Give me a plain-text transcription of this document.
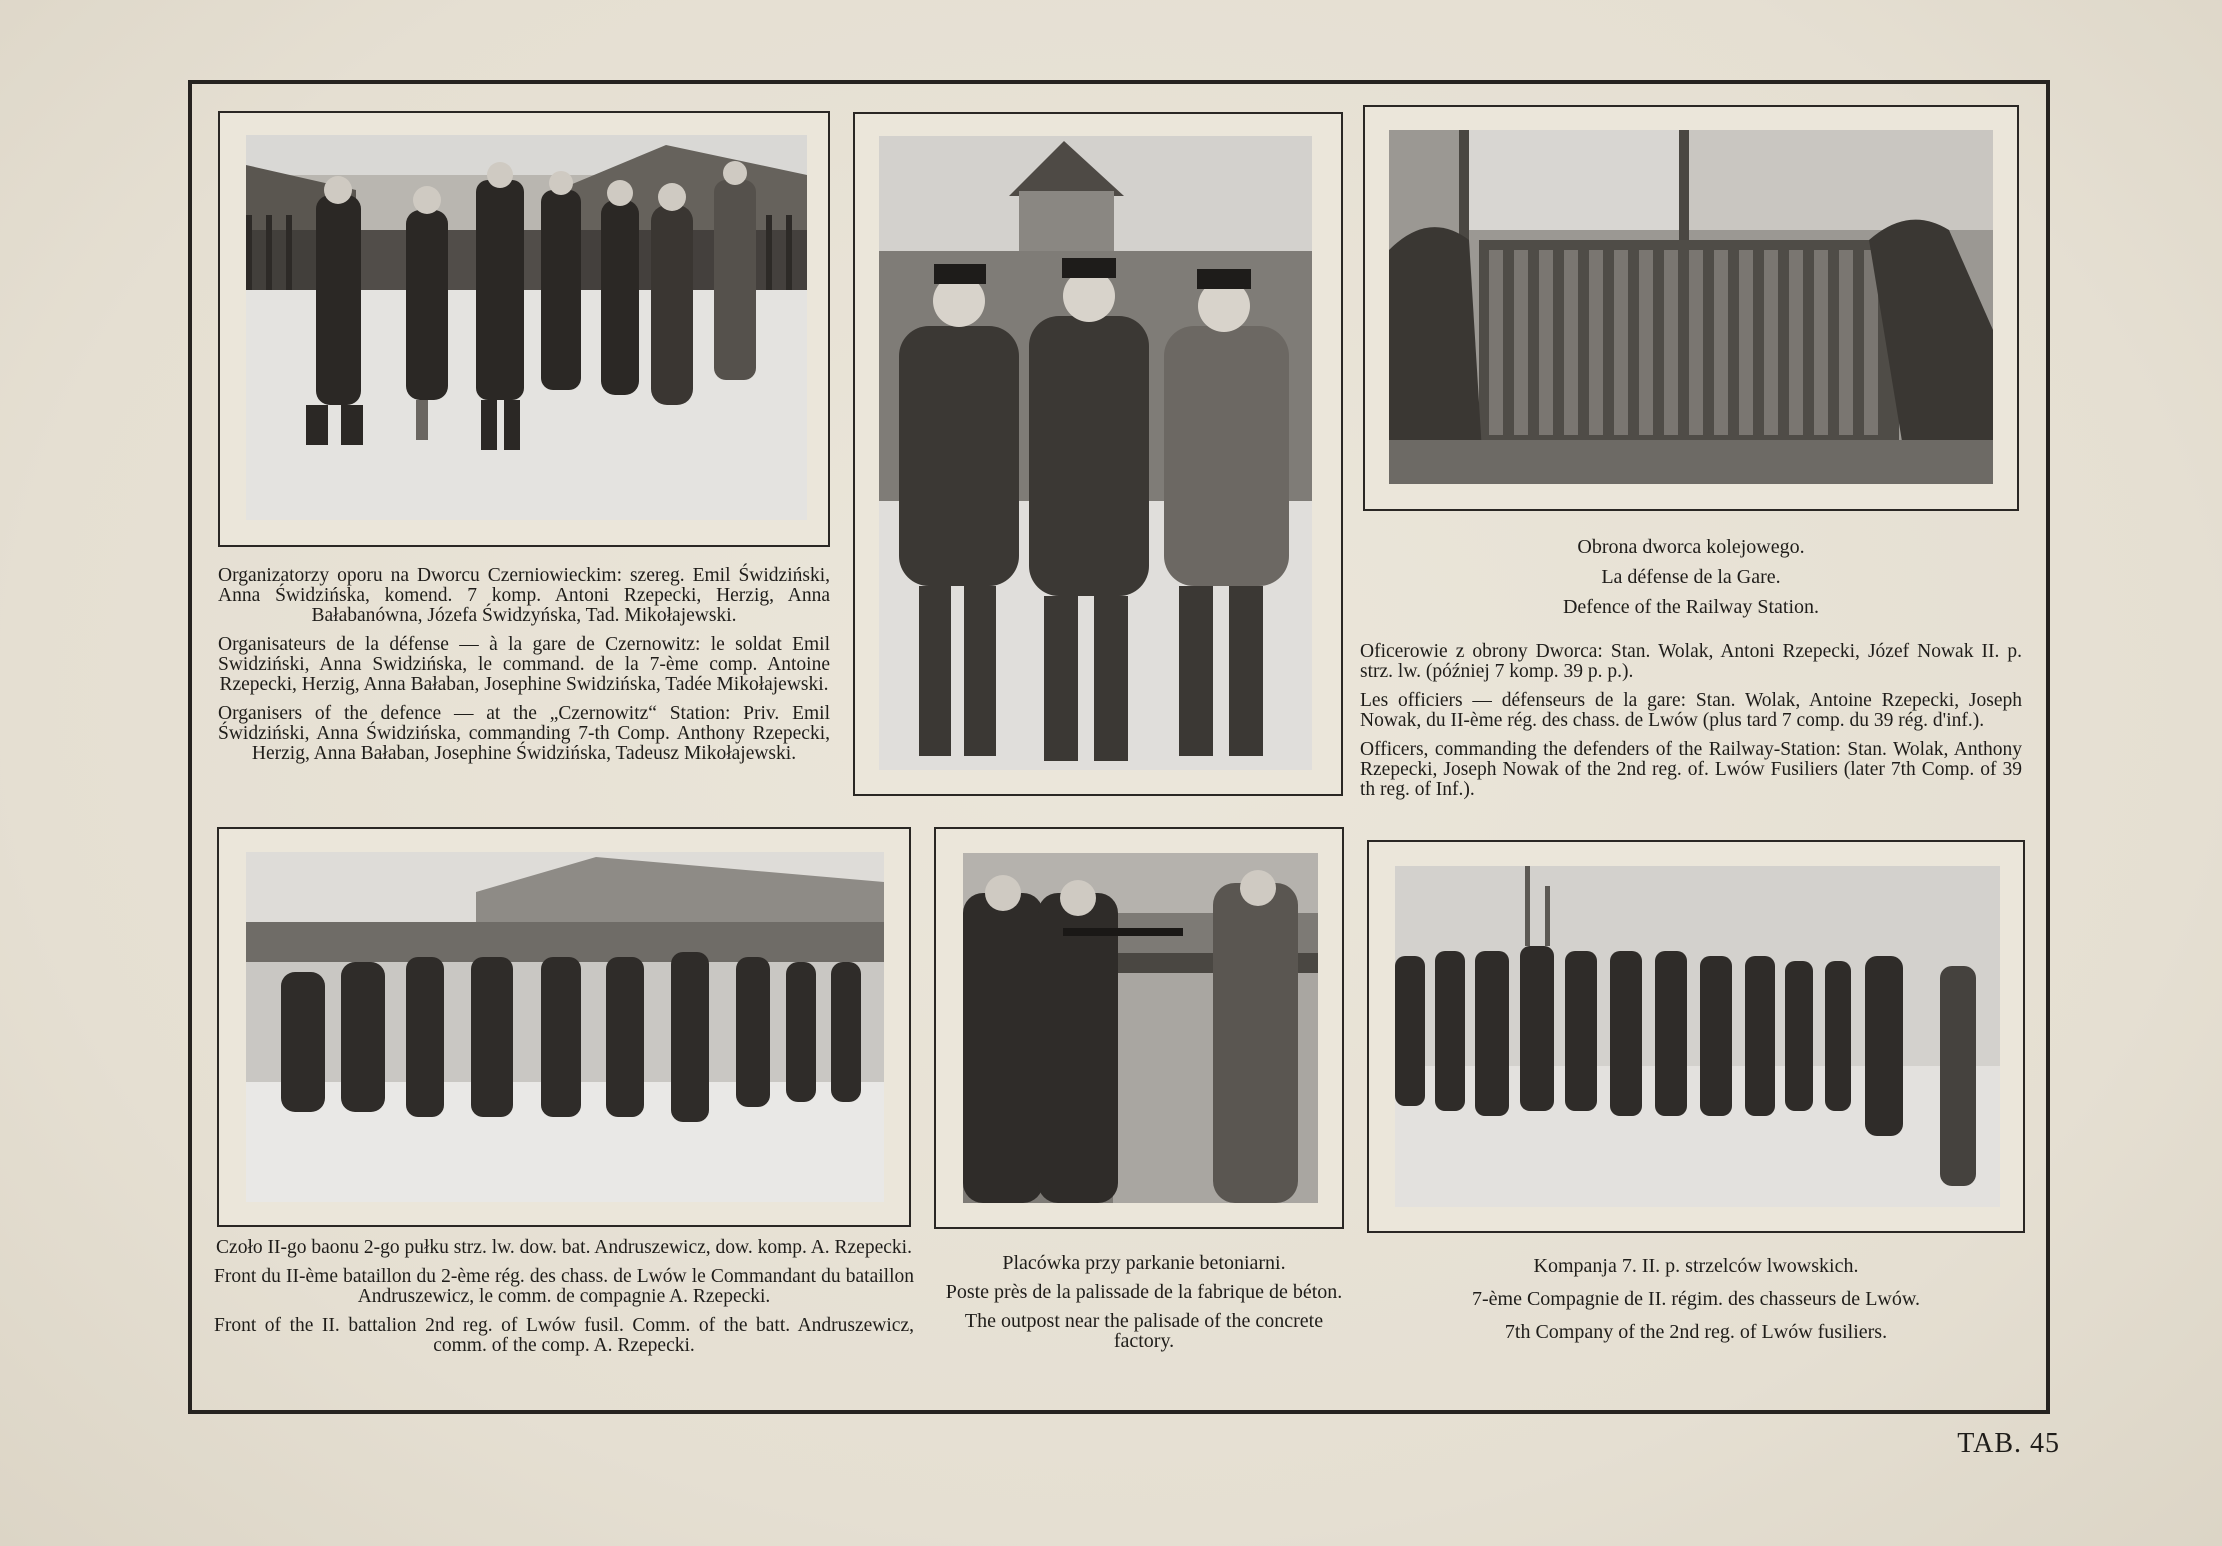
Organizatorzy oporu na Dworcu Czerniowieckim: szereg. Emil Świdziński, Anna Świdzińska, komend. 7 komp. Antoni Rzepecki, Herzig, Anna Bałabanówna, Józefa Świdzyńska, Tad. Mikołajewski.

Organisateurs de la défense — à la gare de Czernowitz: le soldat Emil Swidziński, Anna Swidzińska, le command. de la 7-ème comp. Antoine Rzepecki, Herzig, Anna Bałaban, Josephine Swidzińska, Tadée Mikołajewski.

Organisers of the defence — at the „Czernowitz“ Station: Priv. Emil Świdziński, Anna Świdzińska, commanding 7-th Comp. Anthony Rzepecki, Herzig, Anna Bałaban, Josephine Świdzińska, Tadeusz Mikołajewski.

Obrona dworca kolejowego.

La défense de la Gare.

Defence of the Railway Station.

Oficerowie z obrony Dworca: Stan. Wolak, Antoni Rzepecki, Józef Nowak II. p. strz. lw. (później 7 komp. 39 p. p.).

Les officiers — défenseurs de la gare: Stan. Wolak, Antoine Rzepecki, Joseph Nowak, du II-ème rég. des chass. de Lwów (plus tard 7 comp. du 39 rég. d'inf.).

Officers, commanding the defenders of the Railway-Station: Stan. Wolak, Anthony Rzepecki, Joseph Nowak of the 2nd reg. of. Lwów Fusiliers (later 7th Comp. of 39 th reg. of Inf.).

Czoło II-go baonu 2-go pułku strz. lw. dow. bat. Andruszewicz, dow. komp. A. Rzepecki.

Front du II-ème bataillon du 2-ème rég. des chass. de Lwów le Commandant du bataillon Andruszewicz, le comm. de compagnie A. Rzepecki.

Front of the II. battalion 2nd reg. of Lwów fusil. Comm. of the batt. Andruszewicz, comm. of the comp. A. Rzepecki.

Placówka przy parkanie betoniarni.

Poste près de la palissade de la fabrique de béton.

The outpost near the palisade of the concrete factory.

Kompanja 7. II. p. strzelców lwowskich.

7-ème Compagnie de II. régim. des chasseurs de Lwów.

7th Company of the 2nd reg. of Lwów fusiliers.

TAB. 45
